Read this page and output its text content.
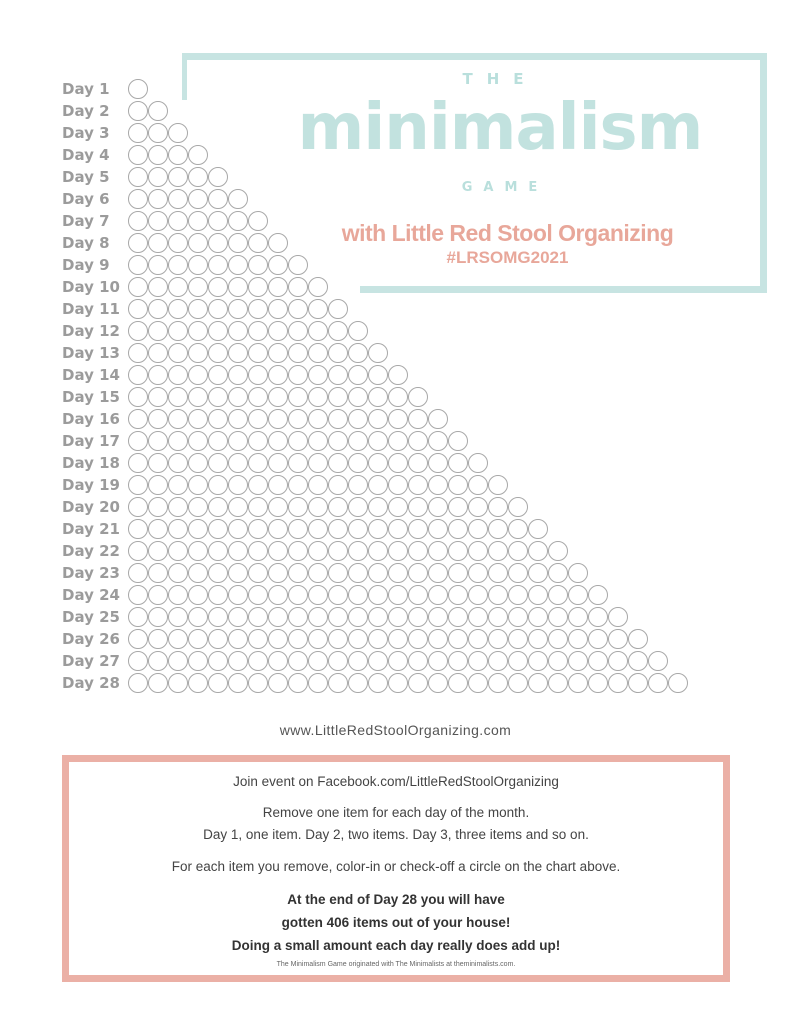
THE
minimalism
GAME
with Little Red Stool Organizing
#LRSOMG2021
Day 1
Day 2
Day 3
Day 4
Day 5
Day 6
Day 7
Day 8
Day 9
Day 10
Day 11
Day 12
Day 13
Day 14
Day 15
Day 16
Day 17
Day 18
Day 19
Day 20
Day 21
Day 22
Day 23
Day 24
Day 25
Day 26
Day 27
Day 28
www.LittleRedStoolOrganizing.com
Join event on Facebook.com/LittleRedStoolOrganizing
Remove one item for each day of the month.
Day 1, one item. Day 2, two items. Day 3, three items and so on.
For each item you remove, color-in or check-off a circle on the chart above.
At the end of Day 28 you will have
gotten 406 items out of your house!
Doing a small amount each day really does add up!
The Minimalism Game originated with The Minimalists at theminimalists.com.
